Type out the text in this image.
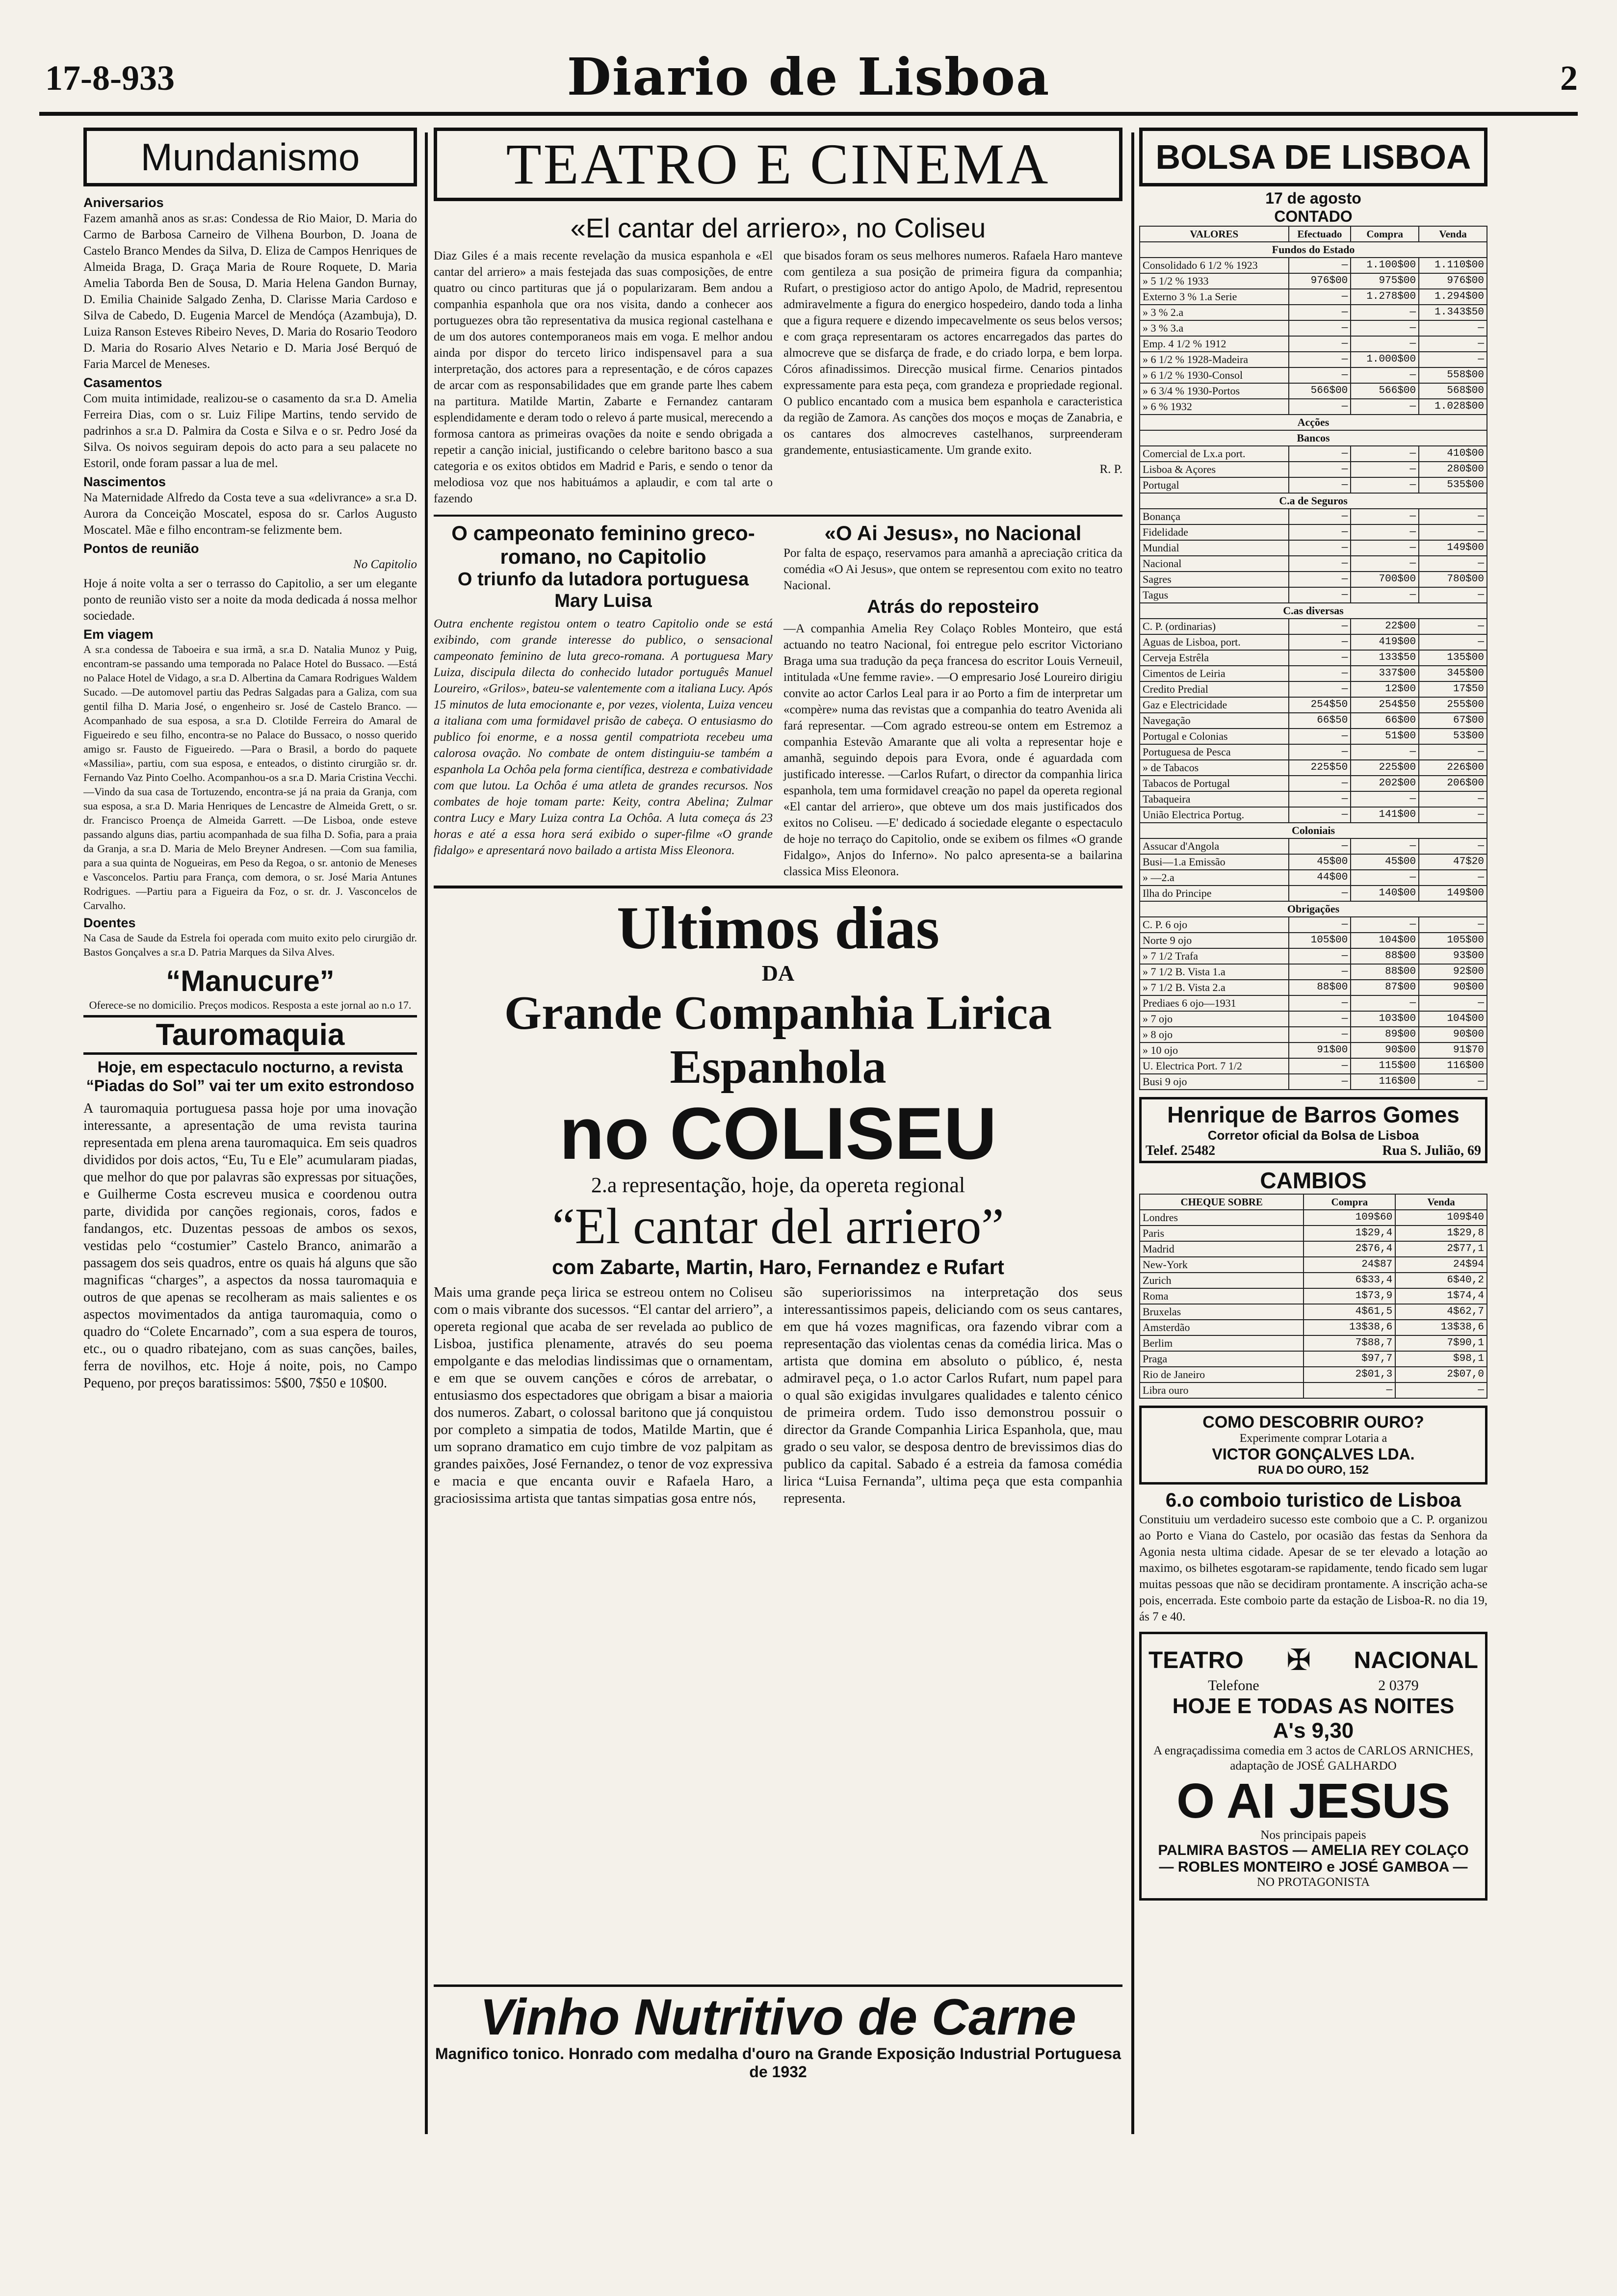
17-8-933	Diario de Lisboa	2
Mundanismo
Aniversarios

Fazem amanhã anos as sr.as: Condessa de Rio Maior, D. Maria do Carmo de Barbosa Carneiro de Vilhena Bourbon, D. Joana de Castelo Branco Mendes da Silva, D. Eliza de Campos Henriques de Almeida Braga, D. Graça Maria de Roure Roquete, D. Maria Amelia Taborda Ben de Sousa, D. Maria Helena Gandon Burnay, D. Emilia Chainide Salgado Zenha, D. Clarisse Maria Cardoso e Silva de Cabedo, D. Eugenia Marcel de Mendóça (Azambuja), D. Luiza Ranson Esteves Ribeiro Neves, D. Maria do Rosario Teodoro D. Maria do Rosario Alves Netario e D. Maria José Berquó de Faria Marcel de Meneses.

Casamentos

Com muita intimidade, realizou-se o casamento da sr.a D. Amelia Ferreira Dias, com o sr. Luiz Filipe Martins, tendo servido de padrinhos a sr.a D. Palmira da Costa e Silva e o sr. Pedro José da Silva. Os noivos seguiram depois do acto para a seu palacete no Estoril, onde foram passar a lua de mel.

Nascimentos

Na Maternidade Alfredo da Costa teve a sua «delivrance» a sr.a D. Aurora da Conceição Moscatel, esposa do sr. Carlos Augusto Moscatel. Mãe e filho encontram-se felizmente bem.

Pontos de reunião
No Capitolio

Hoje á noite volta a ser o terrasso do Capitolio, a ser um elegante ponto de reunião visto ser a noite da moda dedicada á nossa melhor sociedade.

Em viagem

A sr.a condessa de Taboeira e sua irmã, a sr.a D. Natalia Munoz y Puig, encontram-se passando uma temporada no Palace Hotel do Bussaco. —Está no Palace Hotel de Vidago, a sr.a D. Albertina da Camara Rodrigues Waldem Sucado. —De automovel partiu das Pedras Salgadas para a Galiza, com sua gentil filha D. Maria José, o engenheiro sr. José de Castelo Branco. —Acompanhado de sua esposa, a sr.a D. Clotilde Ferreira do Amaral de Figueiredo e seu filho, encontra-se no Palace do Bussaco, o nosso querido amigo sr. Fausto de Figueiredo. —Para o Brasil, a bordo do paquete «Massilia», partiu, com sua esposa, e enteados, o distinto cirurgião sr. dr. Fernando Vaz Pinto Coelho. Acompanhou-os a sr.a D. Maria Cristina Vecchi. —Vindo da sua casa de Tortuzendo, encontra-se já na praia da Granja, com sua esposa, a sr.a D. Maria Henriques de Lencastre de Almeida Grett, o sr. dr. Francisco Proença de Almeida Garrett. —De Lisboa, onde esteve passando alguns dias, partiu acompanhada de sua filha D. Sofia, para a praia da Granja, a sr.a D. Maria de Melo Breyner Andresen. —Com sua familia, para a sua quinta de Nogueiras, em Peso da Regoa, o sr. antonio de Meneses e Vasconcelos. Partiu para França, com demora, o sr. José Maria Antunes Rodrigues. —Partiu para a Figueira da Foz, o sr. dr. J. Vasconcelos de Carvalho.

Doentes

Na Casa de Saude da Estrela foi operada com muito exito pelo cirurgião dr. Bastos Gonçalves a sr.a D. Patria Marques da Silva Alves.

“Manucure”

Oferece-se no domicilio. Preços modicos. Resposta a este jornal ao n.o 17.

Tauromaquia
Hoje, em espectaculo nocturno, a revista “Piadas do Sol” vai ter um exito estrondoso

A tauromaquia portuguesa passa hoje por uma inovação interessante, a apresentação de uma revista taurina representada em plena arena tauromaquica. Em seis quadros divididos por dois actos, “Eu, Tu e Ele” acumularam piadas, que melhor do que por palavras são expressas por situações, e Guilherme Costa escreveu musica e coordenou outra parte, dividida por canções regionais, coros, fados e fandangos, etc. Duzentas pessoas de ambos os sexos, vestidas pelo “costumier” Castelo Branco, animarão a passagem dos seis quadros, entre os quais há alguns que são magnificas “charges”, a aspectos da nossa tauromaquia e outros de que apenas se recolheram as mais salientes e os aspectos movimentados da antiga tauromaquia, como o quadro do “Colete Encarnado”, com a sua espera de touros, etc., ou o quadro ribatejano, com as suas canções, bailes, ferra de novilhos, etc. Hoje á noite, pois, no Campo Pequeno, por preços baratissimos: 5$00, 7$50 e 10$00.

TEATRO E CINEMA
«El cantar del arriero», no Coliseu

Diaz Giles é a mais recente revelação da musica espanhola e «El cantar del arriero» a mais festejada das suas composições, de entre quatro ou cinco partituras que já o popularizaram. Bem andou a companhia espanhola que ora nos visita, dando a conhecer aos portuguezes obra tão representativa da musica regional castelhana e de um dos autores contemporaneos mais em voga. E melhor andou ainda por dispor do terceto lirico indispensavel para a sua interpretação, dos actores para a representação, e de córos capazes de arcar com as responsabilidades que em grande parte lhes cabem na partitura. Matilde Martin, Zabarte e Fernandez cantaram esplendidamente e deram todo o relevo á parte musical, merecendo a formosa cantora as primeiras ovações da noite e sendo obrigada a repetir a canção inicial, justificando o celebre baritono basco a sua categoria e os exitos obtidos em Madrid e Paris, e sendo o tenor da melodiosa voz que nos habituámos a aplaudir, e com tal arte o fazendo

que bisados foram os seus melhores numeros. Rafaela Haro manteve com gentileza a sua posição de primeira figura da companhia; Rufart, o prestigioso actor do antigo Apolo, de Madrid, representou admiravelmente a figura do energico hospedeiro, dando toda a linha que a figura requere e dizendo impecavelmente os seus belos versos; e com graça representaram os actores encarregados das partes do almocreve que se disfarça de frade, e do criado lorpa, e bem lorpa. Córos afinadissimos. Direcção musical firme. Cenarios pintados expressamente para esta peça, com grandeza e propriedade regional. O publico encantado com a musica bem espanhola e caracteristica da região de Zamora. As canções dos moços e moças de Zanabria, e os cantares dos almocreves castelhanos, surpreenderam grandemente, entusiasticamente. Um grande exito.

R. P.
O campeonato feminino greco-romano, no Capitolio
O triunfo da lutadora portuguesa Mary Luisa

Outra enchente registou ontem o teatro Capitolio onde se está exibindo, com grande interesse do publico, o sensacional campeonato feminino de luta greco-romana. A portuguesa Mary Luiza, discipula dilecta do conhecido lutador português Manuel Loureiro, «Grilos», bateu-se valentemente com a italiana Lucy. Após 15 minutos de luta emocionante e, por vezes, violenta, Luiza venceu a italiana com uma formidavel prisão de cabeça. O entusiasmo do publico foi enorme, e a nossa gentil compatriota recebeu uma calorosa ovação. No combate de ontem distinguiu-se também a espanhola La Ochôa pela forma científica, destreza e combatividade com que lutou. La Ochôa é uma atleta de grandes recursos. Nos combates de hoje tomam parte: Keity, contra Abelina; Zulmar contra Lucy e Mary Luiza contra La Ochôa. A luta começa ás 23 horas e até a essa hora será exibido o super-filme «O grande fidalgo» e apresentará novo bailado a artista Miss Eleonora.

«O Ai Jesus», no Nacional

Por falta de espaço, reservamos para amanhã a apreciação critica da comédia «O Ai Jesus», que ontem se representou com exito no teatro Nacional.

Atrás do reposteiro

—A companhia Amelia Rey Colaço Robles Monteiro, que está actuando no teatro Nacional, foi entregue pelo escritor Victoriano Braga uma sua tradução da peça francesa do escritor Louis Verneuil, intitulada «Une femme ravie». —O empresario José Loureiro dirigiu convite ao actor Carlos Leal para ir ao Porto a fim de interpretar um «compère» numa das revistas que a companhia do teatro Avenida ali fará representar. —Com agrado estreou-se ontem em Estremoz a companhia Estevão Amarante que ali volta a representar hoje e amanhã, seguindo depois para Evora, onde é aguardada com justificado interesse. —Carlos Rufart, o director da companhia lirica espanhola, tem uma formidavel creação no papel da opereta regional «El cantar del arriero», que obteve um dos mais justificados dos exitos no Coliseu. —E' dedicado á sociedade elegante o espectaculo de hoje no terraço do Capitolio, onde se exibem os filmes «O grande Fidalgo», Anjos do Inferno». No palco apresenta-se a bailarina classica Miss Eleonora.

Ultimos dias
DA
Grande Companhia Lirica Espanhola
no COLISEU
2.a representação, hoje, da opereta regional
“El cantar del arriero”
com Zabarte, Martin, Haro, Fernandez e Rufart

Mais uma grande peça lirica se estreou ontem no Coliseu com o mais vibrante dos sucessos. “El cantar del arriero”, a opereta regional que acaba de ser revelada ao publico de Lisboa, justifica plenamente, através do seu poema empolgante e das melodias lindissimas que o ornamentam, e em que se ouvem canções e córos de arrebatar, o entusiasmo dos espectadores que obrigam a bisar a maioria dos numeros. Zabart, o colossal baritono que já conquistou por completo a simpatia de todos, Matilde Martin, que é um soprano dramatico em cujo timbre de voz palpitam as grandes paixões, José Fernandez, o tenor de voz expressiva e macia e que encanta ouvir e Rafaela Haro, a graciosissima artista que tantas simpatias gosa entre nós,

são superiorissimos na interpretação dos seus interessantissimos papeis, deliciando com os seus cantares, em que há vozes magnificas, ora fazendo vibrar com a representação das violentas cenas da comédia lirica. Mas o artista que domina em absoluto o público, é, nesta admiravel peça, o 1.o actor Carlos Rufart, num papel para o qual são exigidas invulgares qualidades e talento cénico de primeira ordem. Tudo isso demonstrou possuir o director da Grande Companhia Lirica Espanhola, que, mau grado o seu valor, se desposa dentro de brevissimos dias do publico da capital. Sabado é a estreia da famosa comédia lirica “Luisa Fernanda”, ultima peça que esta companhia representa.

Vinho Nutritivo de Carne
Magnifico tonico. Honrado com medalha d'ouro na Grande Exposição Industrial Portuguesa de 1932
BOLSA DE LISBOA
17 de agosto
CONTADO
VALORES	Efectuado	Compra	Venda
Fundos do Estado			
Consolidado 6 1/2 % 1923	—	1.100$00	1.110$00
» 5 1/2 % 1933	976$00	975$00	976$00
Externo 3 % 1.a Serie	—	1.278$00	1.294$00
» 3 % 2.a	—	—	1.343$50
» 3 % 3.a	—	—	—
Emp. 4 1/2 % 1912	—	—	—
» 6 1/2 % 1928-Madeira	—	1.000$00	—
» 6 1/2 % 1930-Consol	—	—	558$00
» 6 3/4 % 1930-Portos	566$00	566$00	568$00
» 6 % 1932	—	—	1.028$00
Acções			
Bancos			
Comercial de Lx.a port.	—	—	410$00
Lisboa & Açores	—	—	280$00
Portugal	—	—	535$00
C.a de Seguros			
Bonança	—	—	—
Fidelidade	—	—	—
Mundial	—	—	149$00
Nacional	—	—	—
Sagres	—	700$00	780$00
Tagus	—	—	—
C.as diversas			
C. P. (ordinarias)	—	22$00	—
Aguas de Lisboa, port.	—	419$00	—
Cerveja Estrêla	—	133$50	135$00
Cimentos de Leiria	—	337$00	345$00
Credito Predial	—	12$00	17$50
Gaz e Electricidade	254$50	254$50	255$00
Navegação	66$50	66$00	67$00
Portugal e Colonias	—	51$00	53$00
Portuguesa de Pesca	—	—	—
» de Tabacos	225$50	225$00	226$00
Tabacos de Portugal	—	202$00	206$00
Tabaqueira	—	—	—
União Electrica Portug.	—	141$00	—
Coloniais			
Assucar d'Angola	—	—	—
Busi—1.a Emissão	45$00	45$00	47$20
» —2.a	44$00	—	—
Ilha do Principe	—	140$00	149$00
Obrigações			
C. P. 6 ojo	—	—	—
Norte 9 ojo	105$00	104$00	105$00
» 7 1/2 Trafa	—	88$00	93$00
» 7 1/2 B. Vista 1.a	—	88$00	92$00
» 7 1/2 B. Vista 2.a	88$00	87$00	90$00
Prediaes 6 ojo—1931	—	—	—
» 7 ojo	—	103$00	104$00
» 8 ojo	—	89$00	90$00
» 10 ojo	91$00	90$00	91$70
U. Electrica Port. 7 1/2	—	115$00	116$00
Busi 9 ojo	—	116$00	—
Henrique de Barros Gomes
Corretor oficial da Bolsa de Lisboa
Telef. 25482	Rua S. Julião, 69
CAMBIOS
CHEQUE SOBRE	Compra	Venda
Londres	109$60	109$40
Paris	1$29,4	1$29,8
Madrid	2$76,4	2$77,1
New-York	24$87	24$94
Zurich	6$33,4	6$40,2
Roma	1$73,9	1$74,4
Bruxelas	4$61,5	4$62,7
Amsterdão	13$38,6	13$38,6
Berlim	7$88,7	7$90,1
Praga	$97,7	$98,1
Rio de Janeiro	2$01,3	2$07,0
Libra ouro	—	—
COMO DESCOBRIR OURO?
Experimente comprar Lotaria a
VICTOR GONÇALVES LDA.
RUA DO OURO, 152
6.o comboio turistico de Lisboa

Constituiu um verdadeiro sucesso este comboio que a C. P. organizou ao Porto e Viana do Castelo, por ocasião das festas da Senhora da Agonia nesta ultima cidade. Apesar de se ter elevado a lotação ao maximo, os bilhetes esgotaram-se rapidamente, tendo ficado sem lugar muitas pessoas que não se decidiram prontamente. A inscrição acha-se pois, encerrada. Este comboio parte da estação de Lisboa-R. no dia 19, ás 7 e 40.

TEATRO ✠ NACIONAL
Telefone	2 0379
HOJE E TODAS AS NOITES
A's 9,30
A engraçadissima comedia em 3 actos de CARLOS ARNICHES, adaptação de JOSÉ GALHARDO
O AI JESUS
Nos principais papeis
PALMIRA BASTOS — AMELIA REY COLAÇO
— ROBLES MONTEIRO e JOSÉ GAMBOA —
NO PROTAGONISTA
